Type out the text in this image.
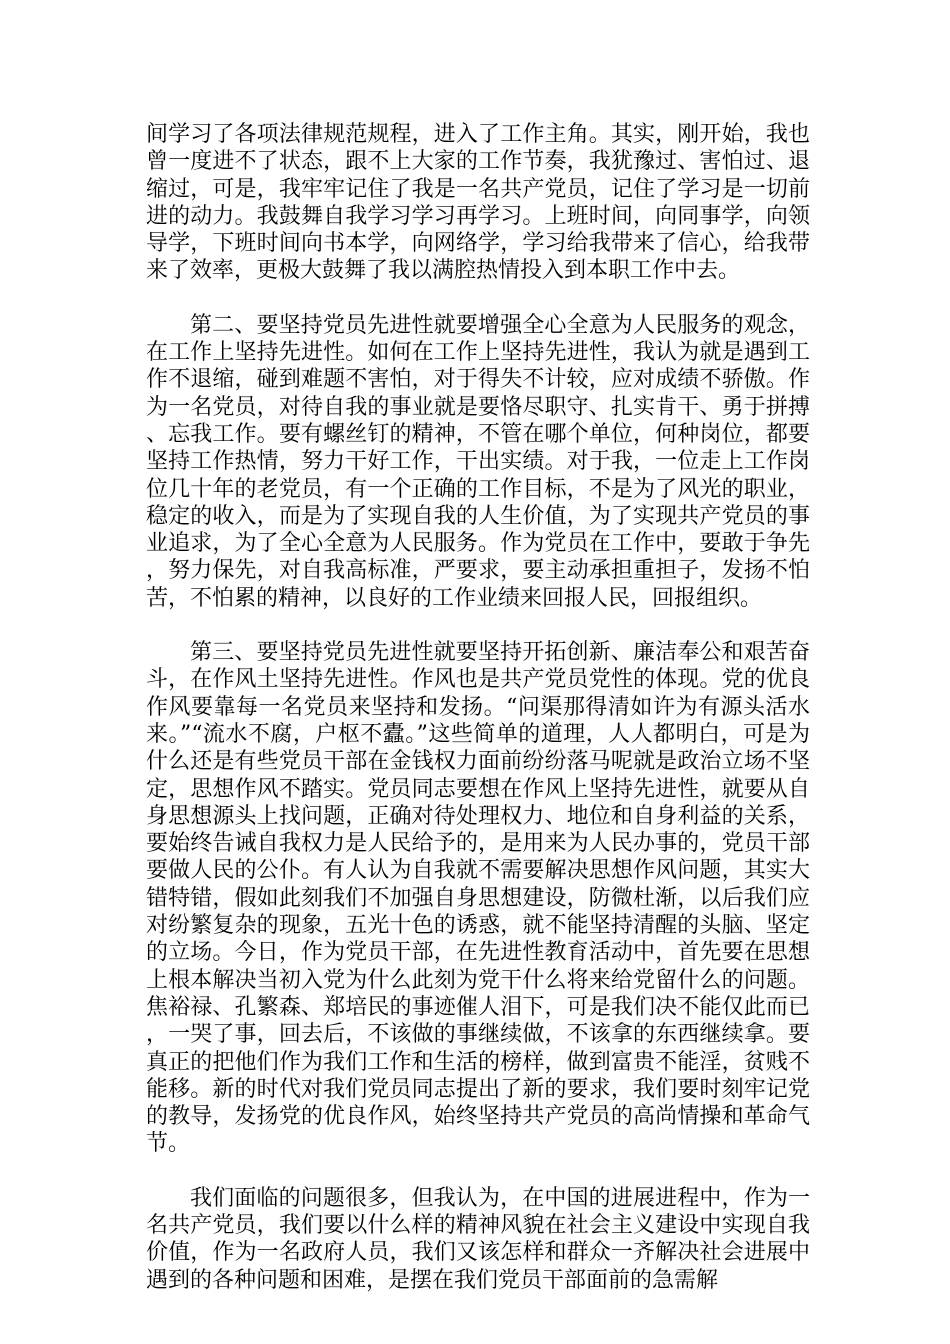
间学习了各项法律规范规程，进入了工作主角。其实，刚开始，我也曾一度进不了状态，跟不上大家的工作节奏，我犹豫过、害怕过、退缩过，可是，我牢牢记住了我是一名共产党员，记住了学习是一切前进的动力。我鼓舞自我学习学习再学习。上班时间，向同事学，向领导学，下班时间向书本学，向网络学，学习给我带来了信心，给我带来了效率，更极大鼓舞了我以满腔热情投入到本职工作中去。

第二、要坚持党员先进性就要增强全心全意为人民服务的观念，在工作上坚持先进性。如何在工作上坚持先进性，我认为就是遇到工作不退缩，碰到难题不害怕，对于得失不计较，应对成绩不骄傲。作为一名党员，对待自我的事业就是要恪尽职守、扎实肯干、勇于拼搏、忘我工作。要有螺丝钉的精神，不管在哪个单位，何种岗位，都要坚持工作热情，努力干好工作，干出实绩。对于我，一位走上工作岗位几十年的老党员，有一个正确的工作目标，不是为了风光的职业，稳定的收入，而是为了实现自我的人生价值，为了实现共产党员的事业追求，为了全心全意为人民服务。作为党员在工作中，要敢于争先，努力保先，对自我高标准，严要求，要主动承担重担子，发扬不怕苦，不怕累的精神，以良好的工作业绩来回报人民，回报组织。

第三、要坚持党员先进性就要坚持开拓创新、廉洁奉公和艰苦奋斗，在作风土坚持先进性。作风也是共产党员党性的体现。党的优良作风要靠每一名党员来坚持和发扬。“问渠那得清如许为有源头活水来。”“流水不腐，户枢不蠹。”这些简单的道理，人人都明白，可是为什么还是有些党员干部在金钱权力面前纷纷落马呢就是政治立场不坚定，思想作风不踏实。党员同志要想在作风上坚持先进性，就要从自身思想源头上找问题，正确对待处理权力、地位和自身利益的关系，要始终告诫自我权力是人民给予的，是用来为人民办事的，党员干部要做人民的公仆。有人认为自我就不需要解决思想作风问题，其实大错特错，假如此刻我们不加强自身思想建设，防微杜渐，以后我们应对纷繁复杂的现象，五光十色的诱惑，就不能坚持清醒的头脑、坚定的立场。今日，作为党员干部，在先进性教育活动中，首先要在思想上根本解决当初入党为什么此刻为党干什么将来给党留什么的问题。焦裕禄、孔繁森、郑培民的事迹催人泪下，可是我们决不能仅此而已，一哭了事，回去后，不该做的事继续做，不该拿的东西继续拿。要真正的把他们作为我们工作和生活的榜样，做到富贵不能淫，贫贱不能移。新的时代对我们党员同志提出了新的要求，我们要时刻牢记党的教导，发扬党的优良作风，始终坚持共产党员的高尚情操和革命气节。

我们面临的问题很多，但我认为，在中国的进展进程中，作为一名共产党员，我们要以什么样的精神风貌在社会主义建设中实现自我价值，作为一名政府人员，我们又该怎样和群众一齐解决社会进展中遇到的各种问题和困难，是摆在我们党员干部面前的急需解
